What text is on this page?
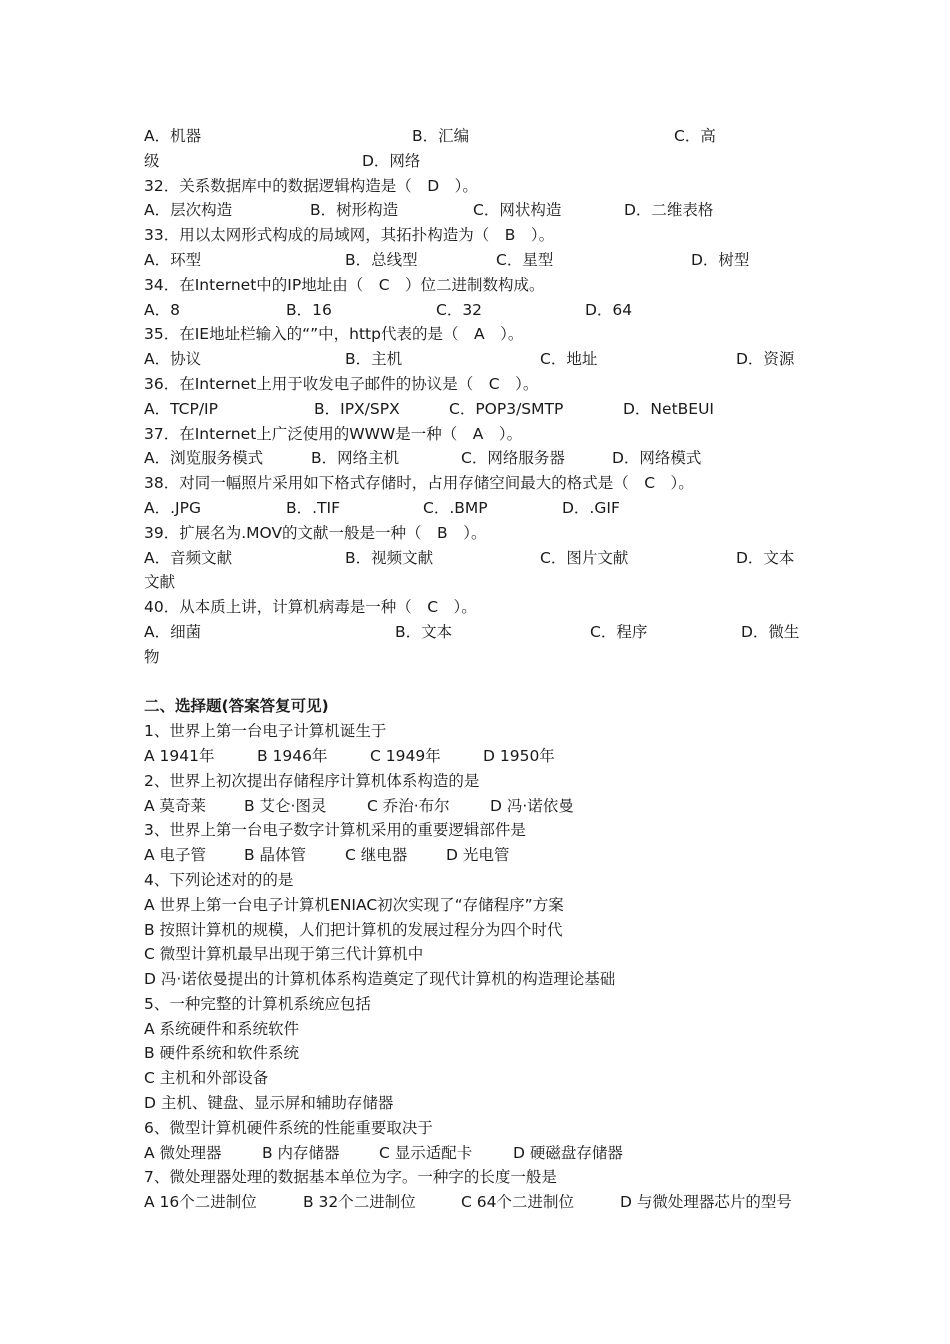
A．机器	B．汇编	C．高
级	D．网络
32．关系数据库中的数据逻辑构造是（　D　）。
A．层次构造	B．树形构造	C．网状构造	D．二维表格
33．用以太网形式构成的局域网，其拓扑构造为（　B　）。
A．环型	B．总线型	C．星型	D．树型
34．在Internet中的IP地址由（　C　）位二进制数构成。
A．8	B．16	C．32	D．64
35．在IE地址栏输入的“”中，http代表的是（　A　）。
A．协议	B．主机	C．地址	D．资源
36．在Internet上用于收发电子邮件的协议是（　C　）。
A．TCP/IP	B．IPX/SPX	C．POP3/SMTP	D．NetBEUI
37．在Internet上广泛使用的WWW是一种（　A　）。
A．浏览服务模式	B．网络主机	C．网络服务器	D．网络模式
38．对同一幅照片采用如下格式存储时，占用存储空间最大的格式是（　C　）。
A．.JPG	B．.TIF	C．.BMP	D．.GIF
39．扩展名为.MOV的文献一般是一种（　B　）。
A．音频文献	B．视频文献	C．图片文献	D．文本
文献
40．从本质上讲，计算机病毒是一种（　C　）。
A．细菌	B．文本	C．程序	D．微生
物
二、选择题(答案答复可见)
1、世界上第一台电子计算机诞生于
A 1941年	B 1946年	C 1949年	D 1950年
2、世界上初次提出存储程序计算机体系构造的是
A 莫奇莱 B 艾仑·图灵	C 乔治·布尔	D 冯·诺依曼
3、世界上第一台电子数字计算机采用的重要逻辑部件是
A 电子管 B 晶体管	C 继电器	D 光电管
4、下列论述对的的是
A 世界上第一台电子计算机ENIAC初次实现了“存储程序”方案
B 按照计算机的规模，人们把计算机的发展过程分为四个时代
C 微型计算机最早出现于第三代计算机中
D 冯·诺依曼提出的计算机体系构造奠定了现代计算机的构造理论基础
5、一种完整的计算机系统应包括
A 系统硬件和系统软件
B 硬件系统和软件系统
C 主机和外部设备
D 主机、键盘、显示屏和辅助存储器
6、微型计算机硬件系统的性能重要取决于
A 微处理器	B 内存储器	C 显示适配卡	D 硬磁盘存储器
7、微处理器处理的数据基本单位为字。一种字的长度一般是
A 16个二进制位	B 32个二进制位	C 64个二进制位	D 与微处理器芯片的型号
